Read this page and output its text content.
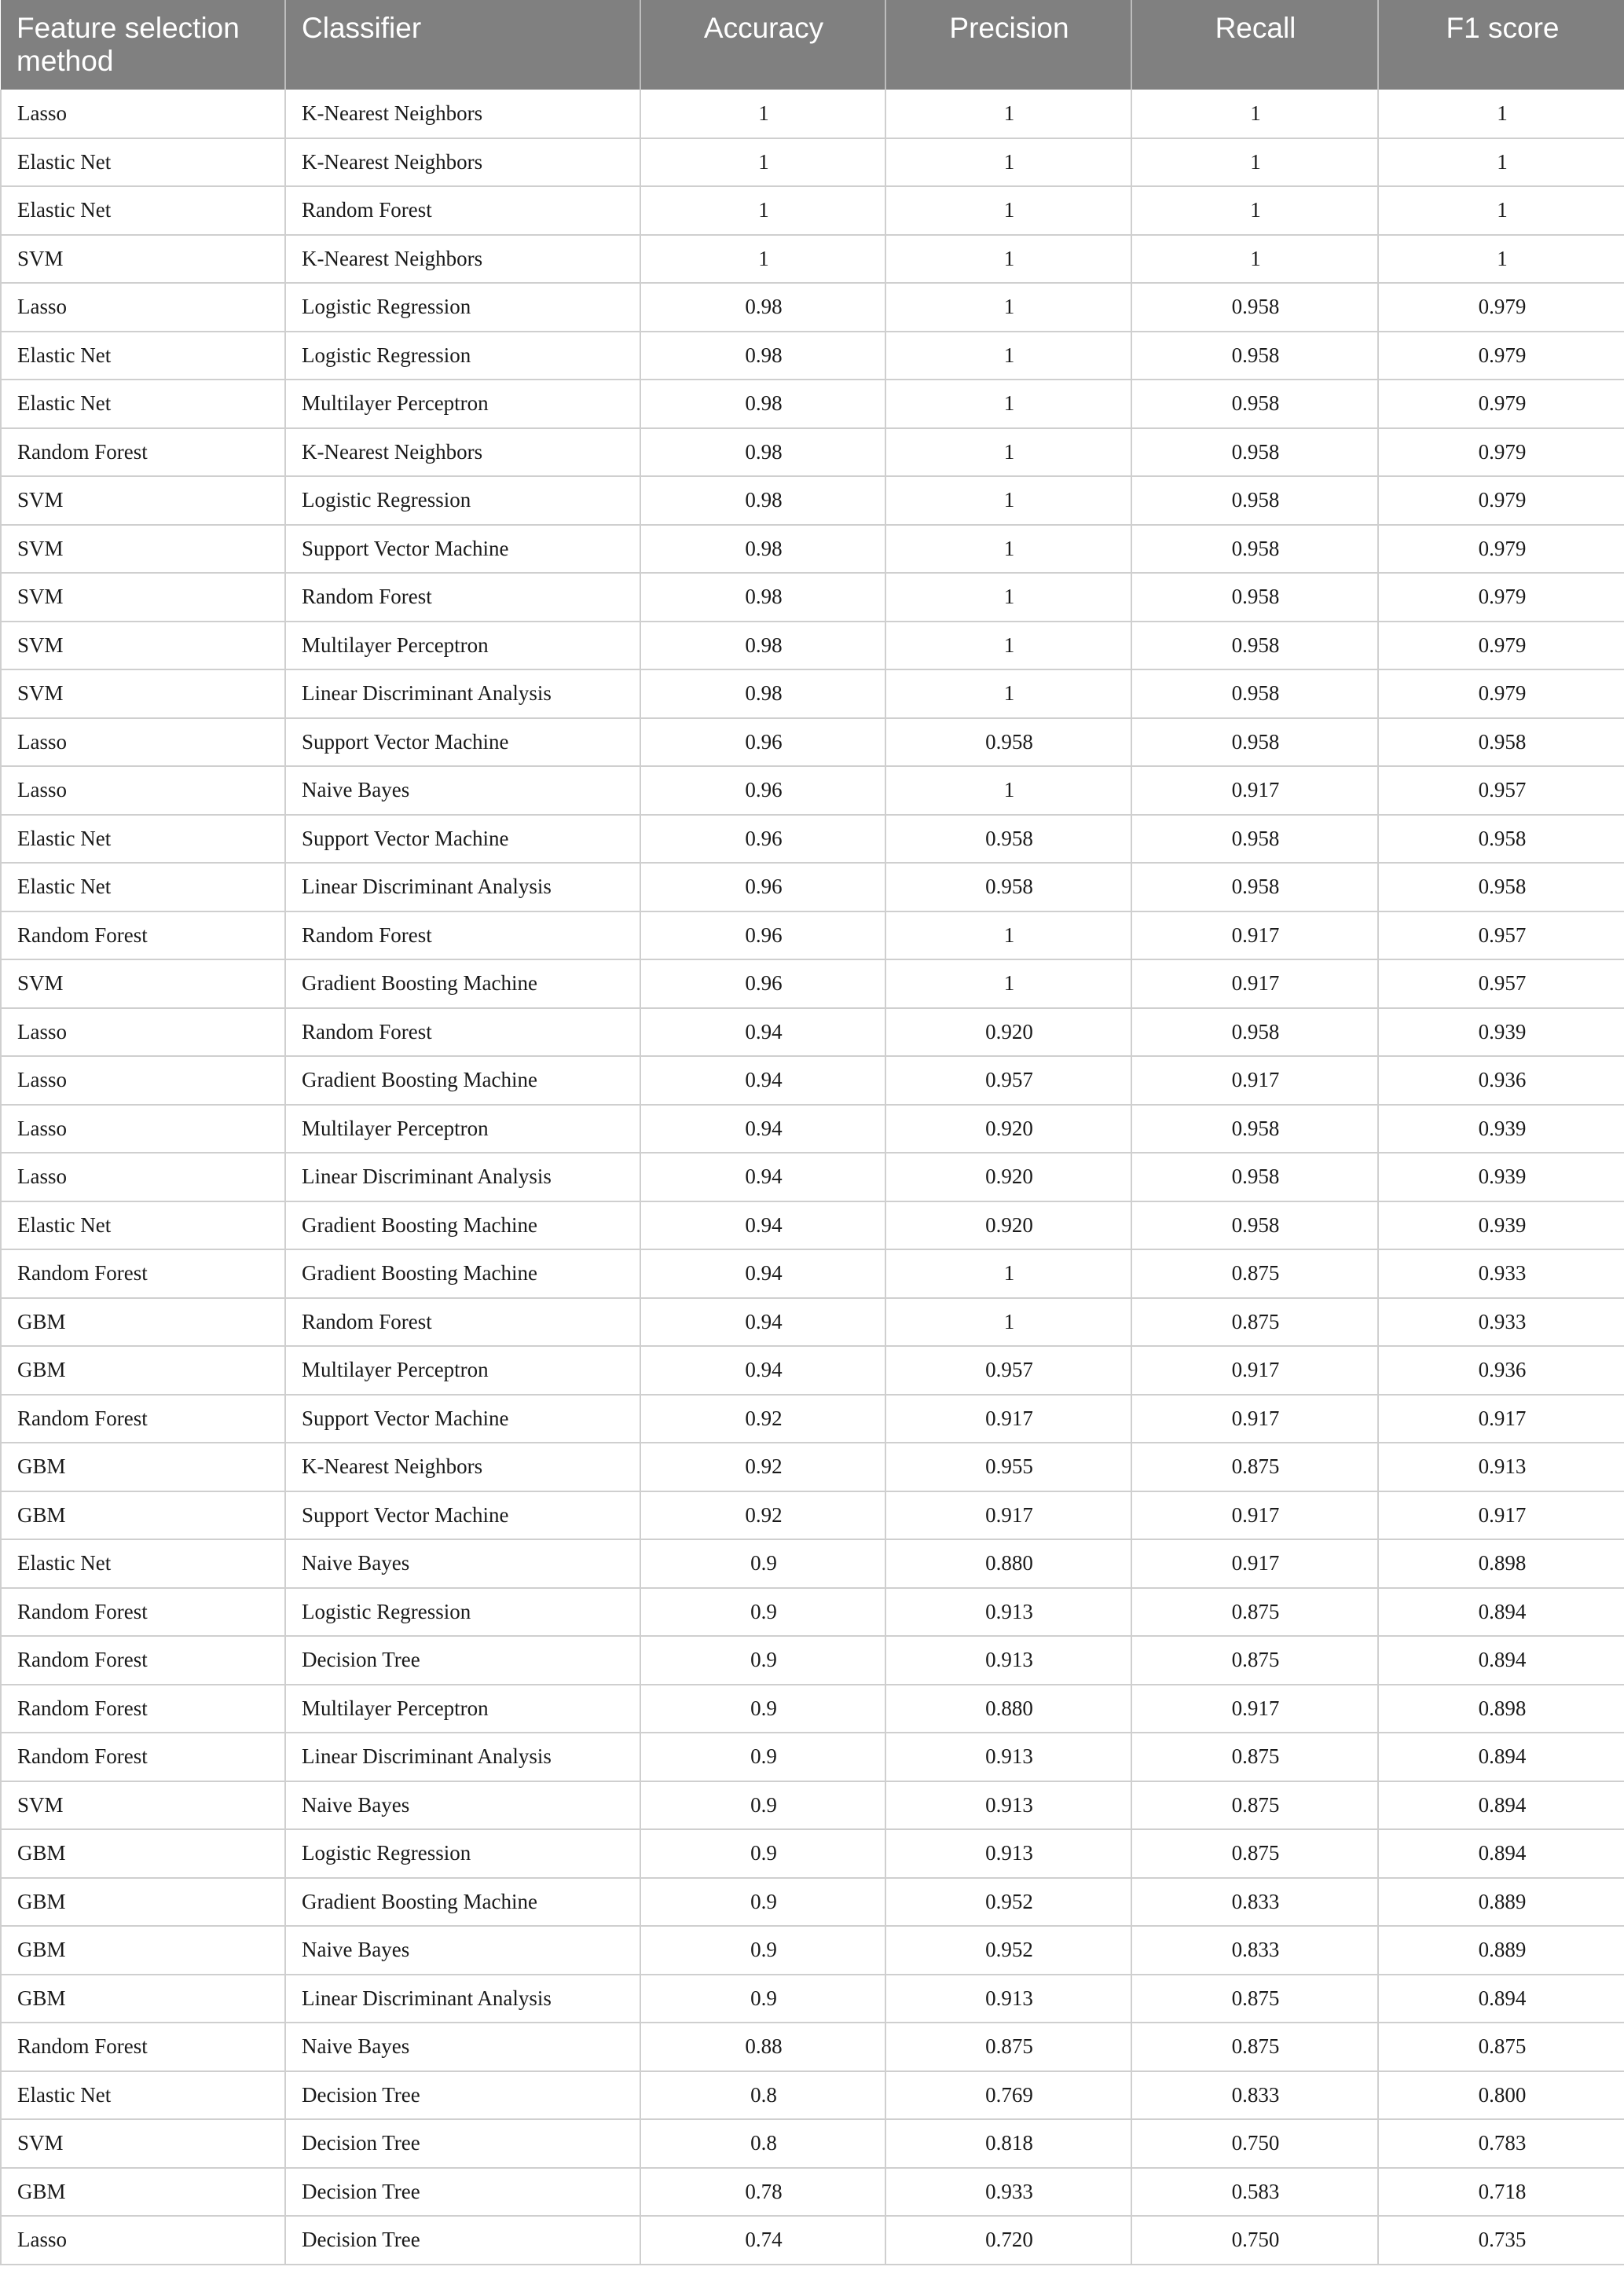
Feature selection method	Classifier	Accuracy	Precision	Recall	F1 score
Lasso	K-Nearest Neighbors	1	1	1	1
Elastic Net	K-Nearest Neighbors	1	1	1	1
Elastic Net	Random Forest	1	1	1	1
SVM	K-Nearest Neighbors	1	1	1	1
Lasso	Logistic Regression	0.98	1	0.958	0.979
Elastic Net	Logistic Regression	0.98	1	0.958	0.979
Elastic Net	Multilayer Perceptron	0.98	1	0.958	0.979
Random Forest	K-Nearest Neighbors	0.98	1	0.958	0.979
SVM	Logistic Regression	0.98	1	0.958	0.979
SVM	Support Vector Machine	0.98	1	0.958	0.979
SVM	Random Forest	0.98	1	0.958	0.979
SVM	Multilayer Perceptron	0.98	1	0.958	0.979
SVM	Linear Discriminant Analysis	0.98	1	0.958	0.979
Lasso	Support Vector Machine	0.96	0.958	0.958	0.958
Lasso	Naive Bayes	0.96	1	0.917	0.957
Elastic Net	Support Vector Machine	0.96	0.958	0.958	0.958
Elastic Net	Linear Discriminant Analysis	0.96	0.958	0.958	0.958
Random Forest	Random Forest	0.96	1	0.917	0.957
SVM	Gradient Boosting Machine	0.96	1	0.917	0.957
Lasso	Random Forest	0.94	0.920	0.958	0.939
Lasso	Gradient Boosting Machine	0.94	0.957	0.917	0.936
Lasso	Multilayer Perceptron	0.94	0.920	0.958	0.939
Lasso	Linear Discriminant Analysis	0.94	0.920	0.958	0.939
Elastic Net	Gradient Boosting Machine	0.94	0.920	0.958	0.939
Random Forest	Gradient Boosting Machine	0.94	1	0.875	0.933
GBM	Random Forest	0.94	1	0.875	0.933
GBM	Multilayer Perceptron	0.94	0.957	0.917	0.936
Random Forest	Support Vector Machine	0.92	0.917	0.917	0.917
GBM	K-Nearest Neighbors	0.92	0.955	0.875	0.913
GBM	Support Vector Machine	0.92	0.917	0.917	0.917
Elastic Net	Naive Bayes	0.9	0.880	0.917	0.898
Random Forest	Logistic Regression	0.9	0.913	0.875	0.894
Random Forest	Decision Tree	0.9	0.913	0.875	0.894
Random Forest	Multilayer Perceptron	0.9	0.880	0.917	0.898
Random Forest	Linear Discriminant Analysis	0.9	0.913	0.875	0.894
SVM	Naive Bayes	0.9	0.913	0.875	0.894
GBM	Logistic Regression	0.9	0.913	0.875	0.894
GBM	Gradient Boosting Machine	0.9	0.952	0.833	0.889
GBM	Naive Bayes	0.9	0.952	0.833	0.889
GBM	Linear Discriminant Analysis	0.9	0.913	0.875	0.894
Random Forest	Naive Bayes	0.88	0.875	0.875	0.875
Elastic Net	Decision Tree	0.8	0.769	0.833	0.800
SVM	Decision Tree	0.8	0.818	0.750	0.783
GBM	Decision Tree	0.78	0.933	0.583	0.718
Lasso	Decision Tree	0.74	0.720	0.750	0.735
